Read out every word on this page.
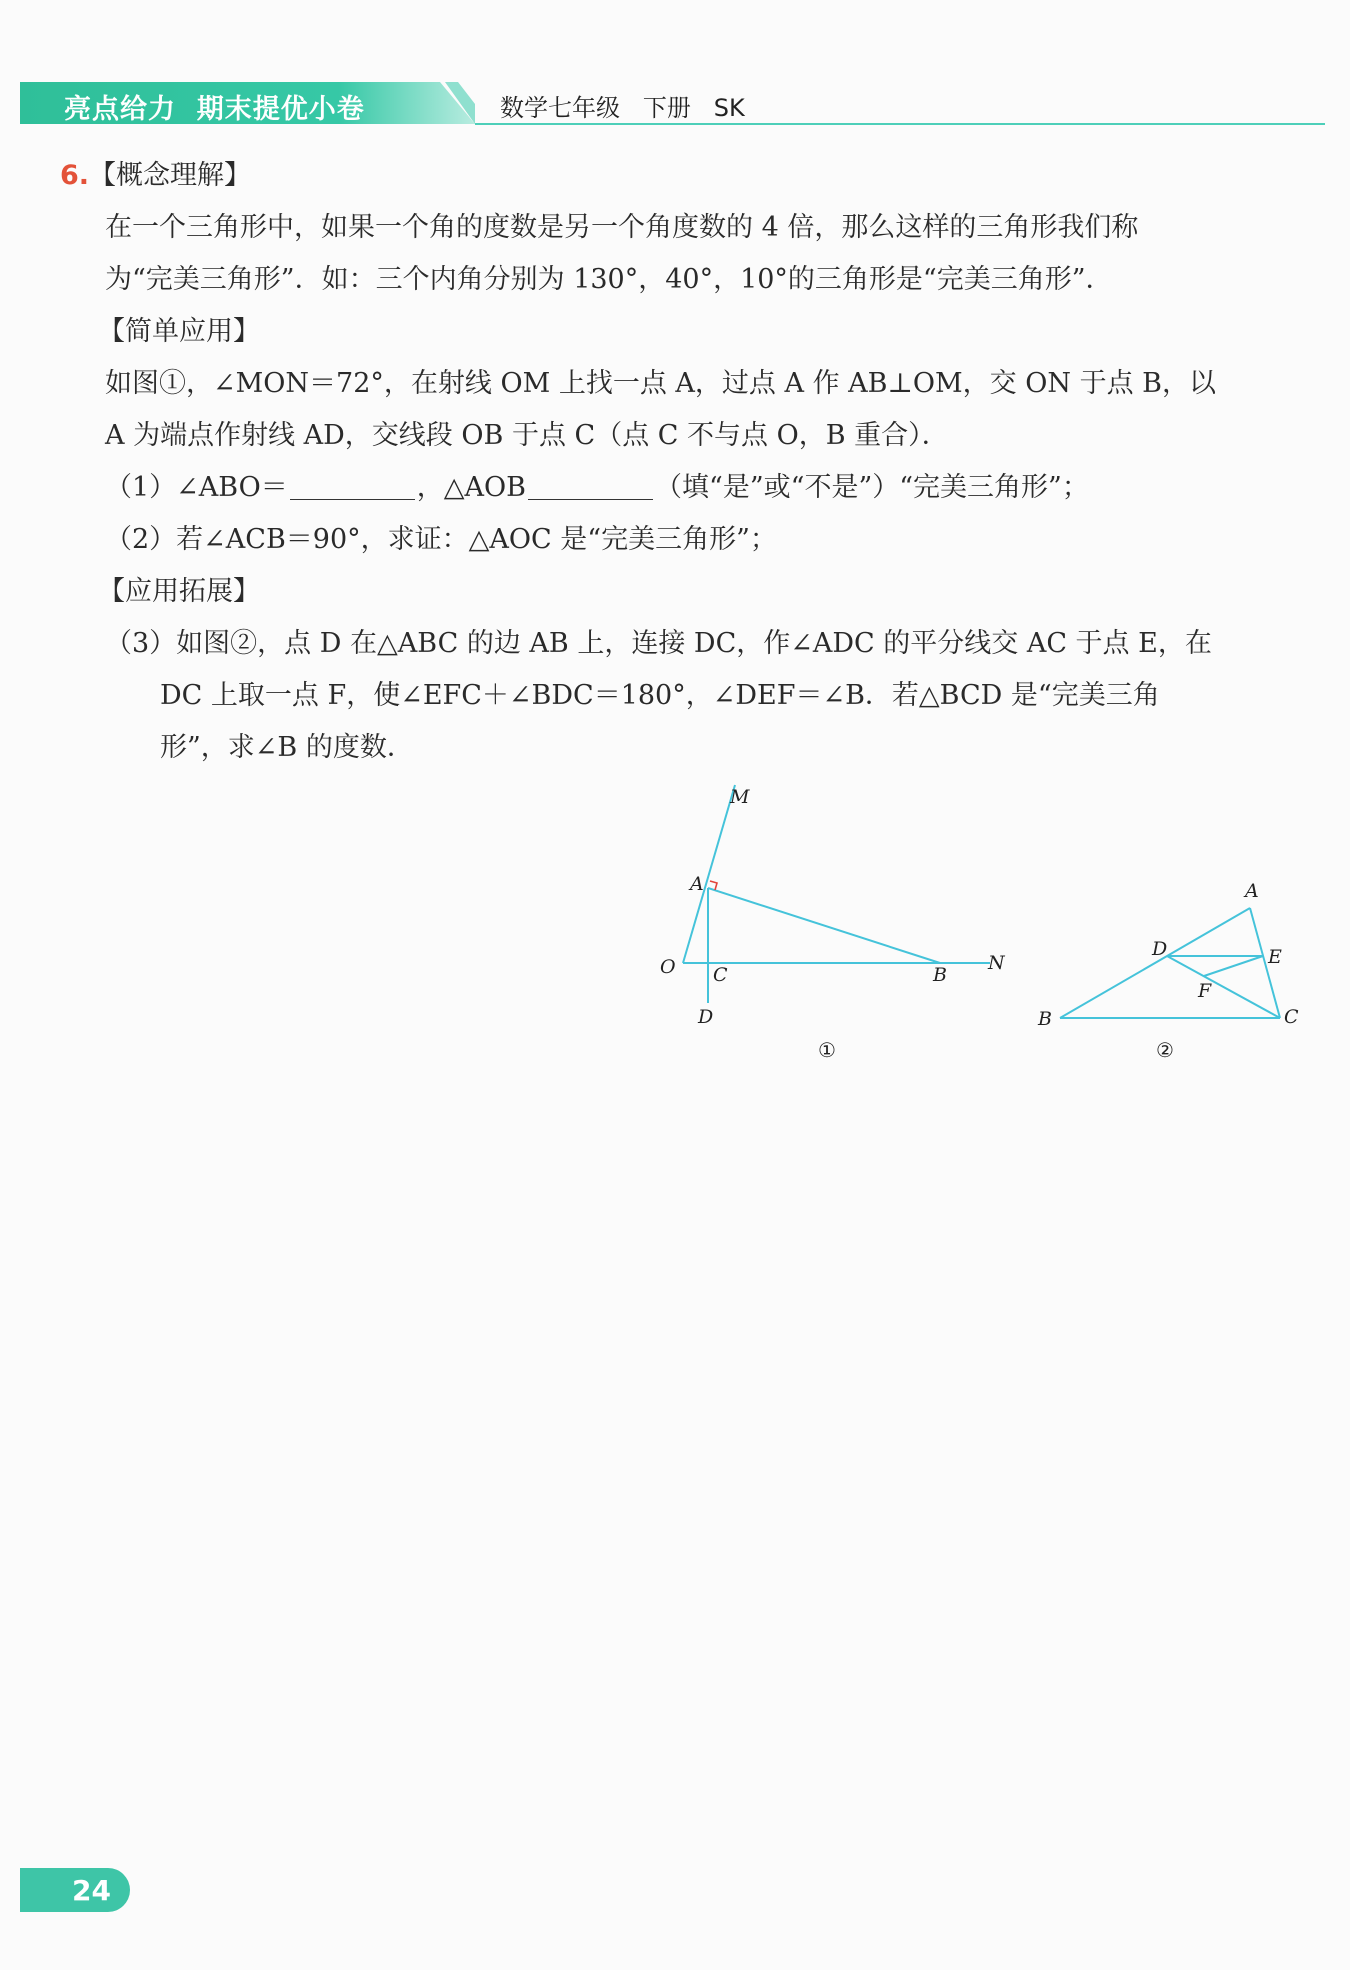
亮点给力  期末提优小卷	数学七年级   下册   SK
6.【概念理解】
在一个三角形中，如果一个角的度数是另一个角度数的 4 倍，那么这样的三角形我们称
为“完美三角形”．如：三个内角分别为 130°，40°，10°的三角形是“完美三角形”．
【简单应用】
如图①，∠MON＝72°，在射线 OM 上找一点 A，过点 A 作 AB⊥OM，交 ON 于点 B，以
A 为端点作射线 AD，交线段 OB 于点 C（点 C 不与点 O，B 重合）．
（1）∠ABO＝	，△AOB	（填“是”或“不是”）“完美三角形”；
（2）若∠ACB＝90°，求证：△AOC 是“完美三角形”；
【应用拓展】
（3）如图②，点 D 在△ABC 的边 AB 上，连接 DC，作∠ADC 的平分线交 AC 于点 E，在
DC 上取一点 F，使∠EFC＋∠BDC＝180°，∠DEF＝∠B．若△BCD 是“完美三角
形”，求∠B 的度数．
M
A
O C	B
N
D
①
A
D	E
F
B	C
②
24
